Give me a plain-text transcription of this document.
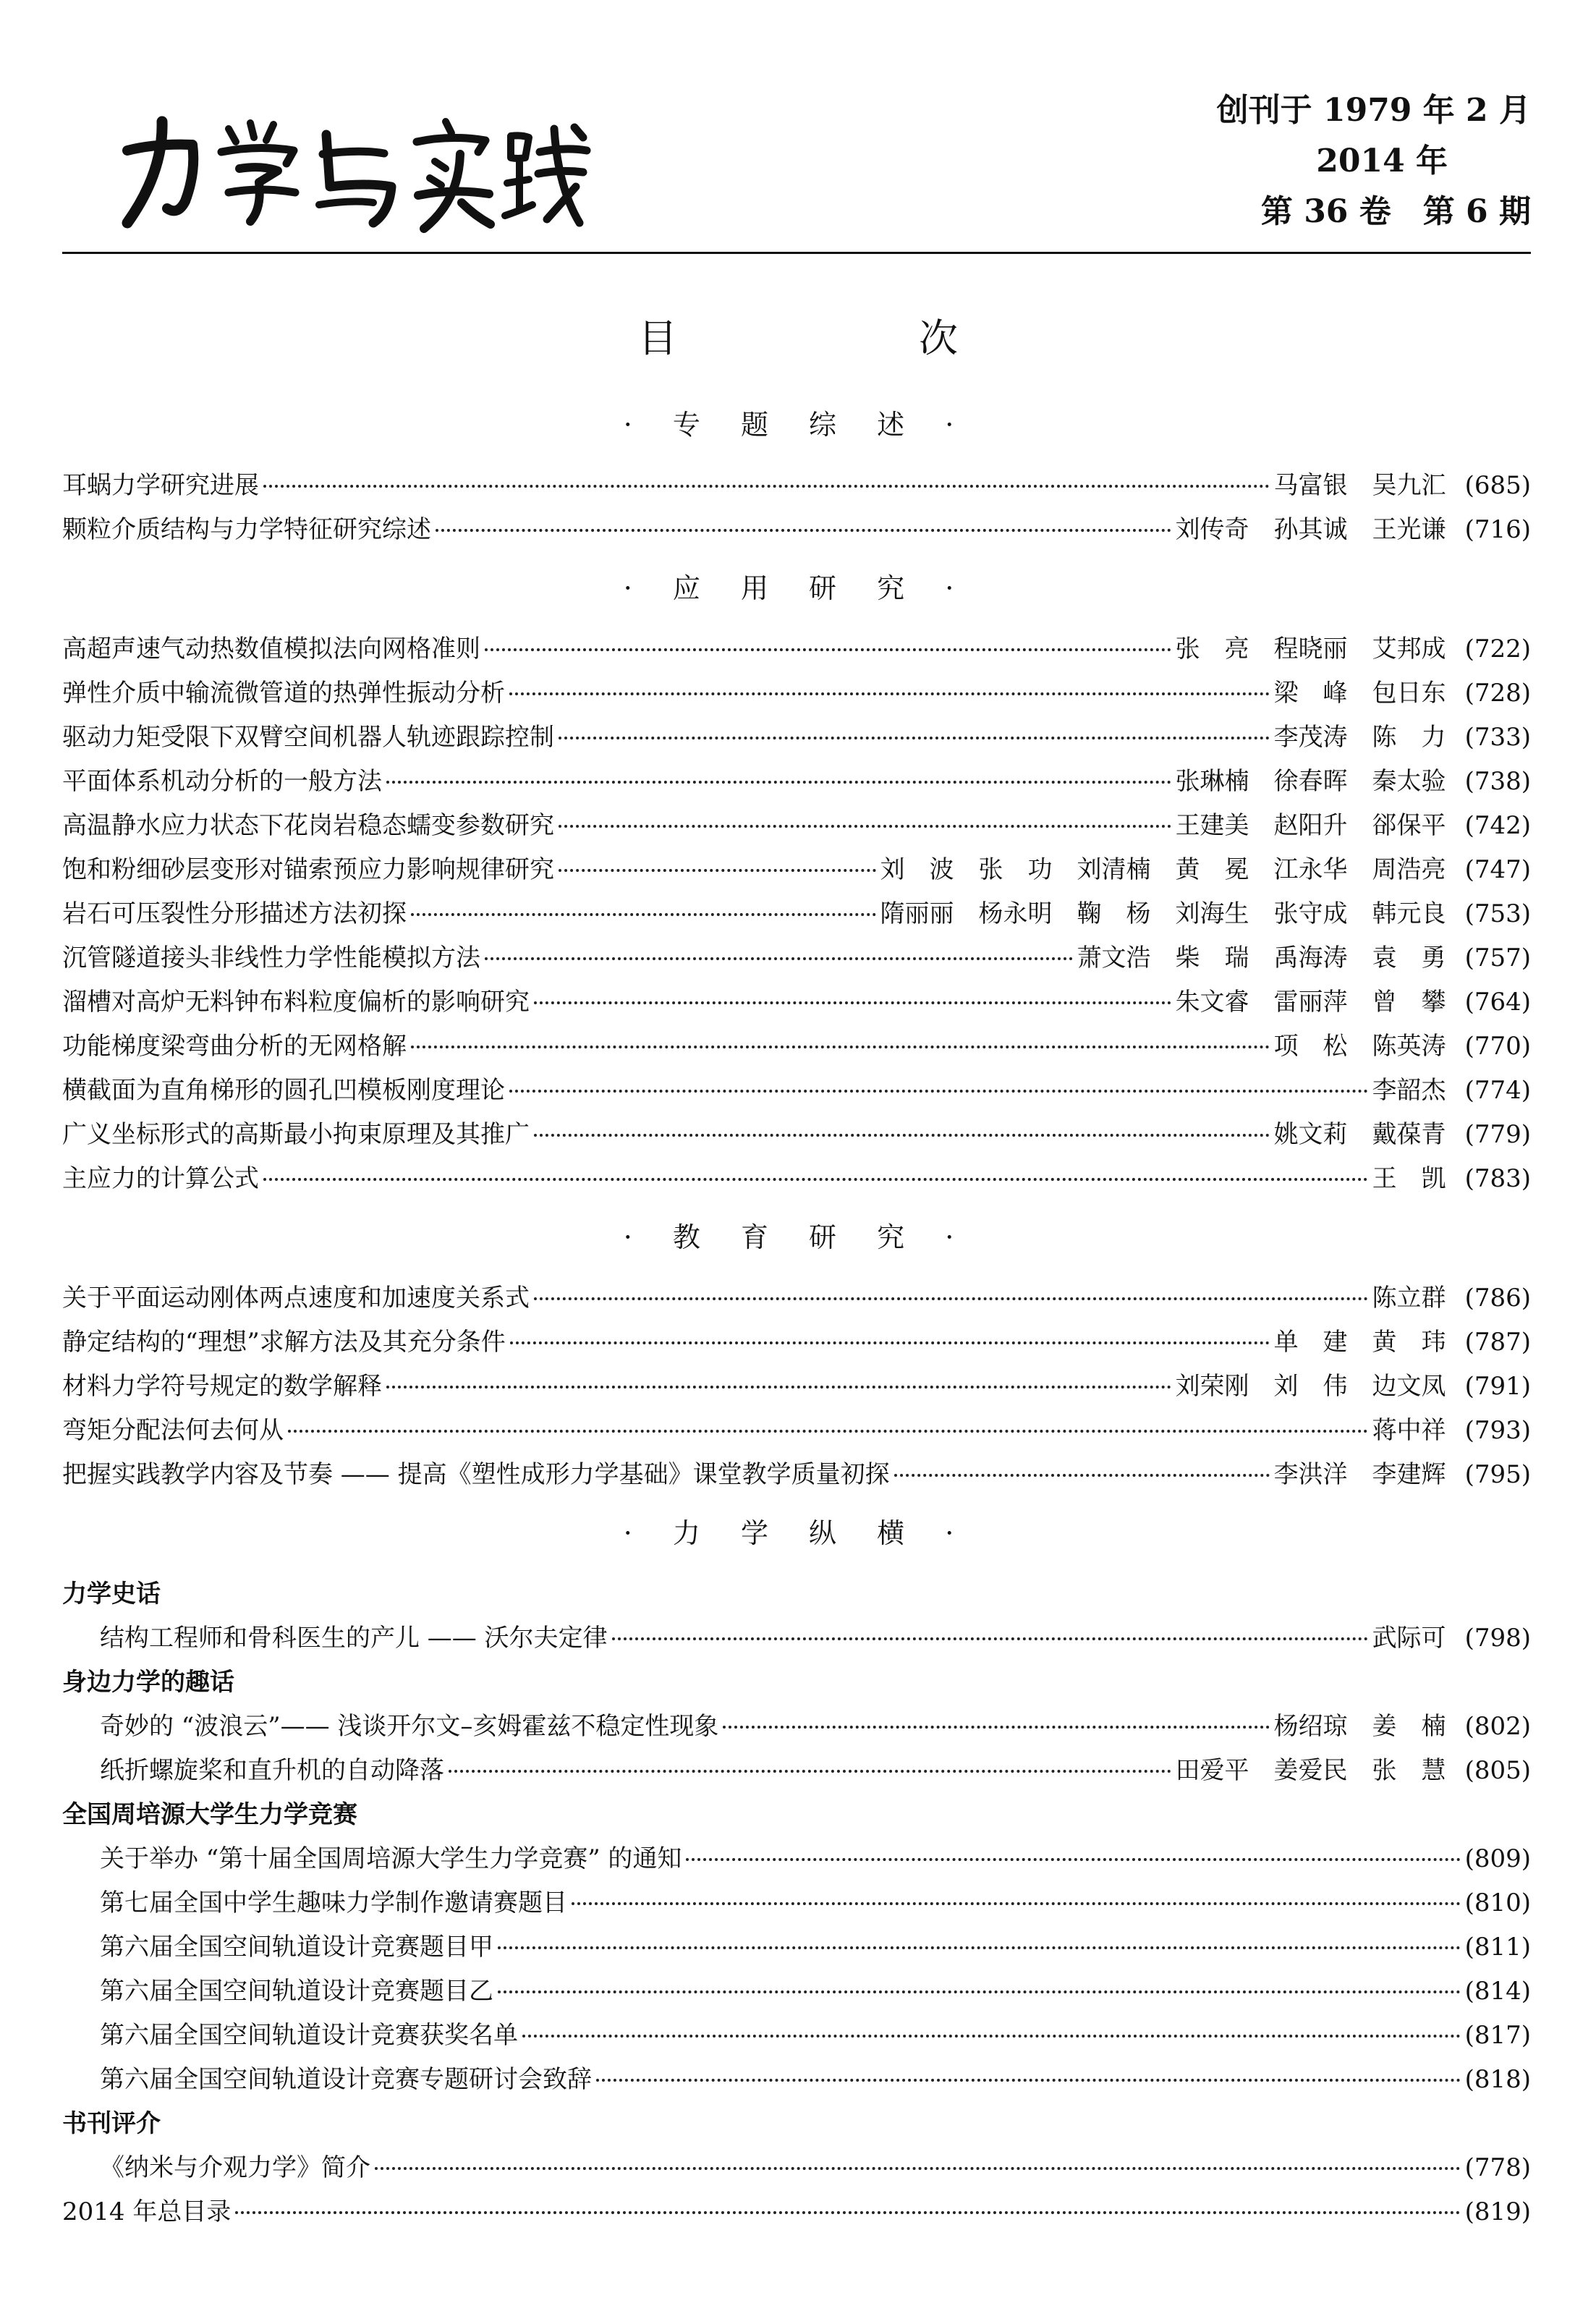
创刊于 1979 年 2 月
2014 年
第 36 卷　第 6 期
目　次
· 专 题 综 述 ·
耳蜗力学研究进展	马富银　吴九汇 (685)
颗粒介质结构与力学特征研究综述	刘传奇　孙其诚　王光谦 (716)
· 应 用 研 究 ·
高超声速气动热数值模拟法向网格准则	张　亮　程晓丽　艾邦成 (722)
弹性介质中输流微管道的热弹性振动分析	梁　峰　包日东 (728)
驱动力矩受限下双臂空间机器人轨迹跟踪控制	李茂涛　陈　力 (733)
平面体系机动分析的一般方法	张琳楠　徐春晖　秦太验 (738)
高温静水应力状态下花岗岩稳态蠕变参数研究	王建美　赵阳升　郤保平 (742)
饱和粉细砂层变形对锚索预应力影响规律研究	刘　波　张　功　刘清楠　黄　冕　江永华　周浩亮 (747)
岩石可压裂性分形描述方法初探	隋丽丽　杨永明　鞠　杨　刘海生　张守成　韩元良 (753)
沉管隧道接头非线性力学性能模拟方法	萧文浩　柴　瑞　禹海涛　袁　勇 (757)
溜槽对高炉无料钟布料粒度偏析的影响研究	朱文睿　雷丽萍　曾　攀 (764)
功能梯度梁弯曲分析的无网格解	项　松　陈英涛 (770)
横截面为直角梯形的圆孔凹模板刚度理论	李韶杰 (774)
广义坐标形式的高斯最小拘束原理及其推广	姚文莉　戴葆青 (779)
主应力的计算公式	王　凯 (783)
· 教 育 研 究 ·
关于平面运动刚体两点速度和加速度关系式	陈立群 (786)
静定结构的“理想”求解方法及其充分条件	单　建　黄　玮 (787)
材料力学符号规定的数学解释	刘荣刚　刘　伟　边文凤 (791)
弯矩分配法何去何从	蒋中祥 (793)
把握实践教学内容及节奏 —— 提高《塑性成形力学基础》课堂教学质量初探	李洪洋　李建辉 (795)
· 力 学 纵 横 ·
力学史话
结构工程师和骨科医生的产儿 —— 沃尔夫定律	武际可 (798)
身边力学的趣话
奇妙的 “波浪云”—— 浅谈开尔文–亥姆霍兹不稳定性现象	杨绍琼　姜　楠 (802)
纸折螺旋桨和直升机的自动降落	田爱平　姜爱民　张　慧 (805)
全国周培源大学生力学竞赛
关于举办 “第十届全国周培源大学生力学竞赛” 的通知	(809)
第七届全国中学生趣味力学制作邀请赛题目	(810)
第六届全国空间轨道设计竞赛题目甲	(811)
第六届全国空间轨道设计竞赛题目乙	(814)
第六届全国空间轨道设计竞赛获奖名单	(817)
第六届全国空间轨道设计竞赛专题研讨会致辞	(818)
书刊评介
《纳米与介观力学》简介	(778)
2014 年总目录	(819)
